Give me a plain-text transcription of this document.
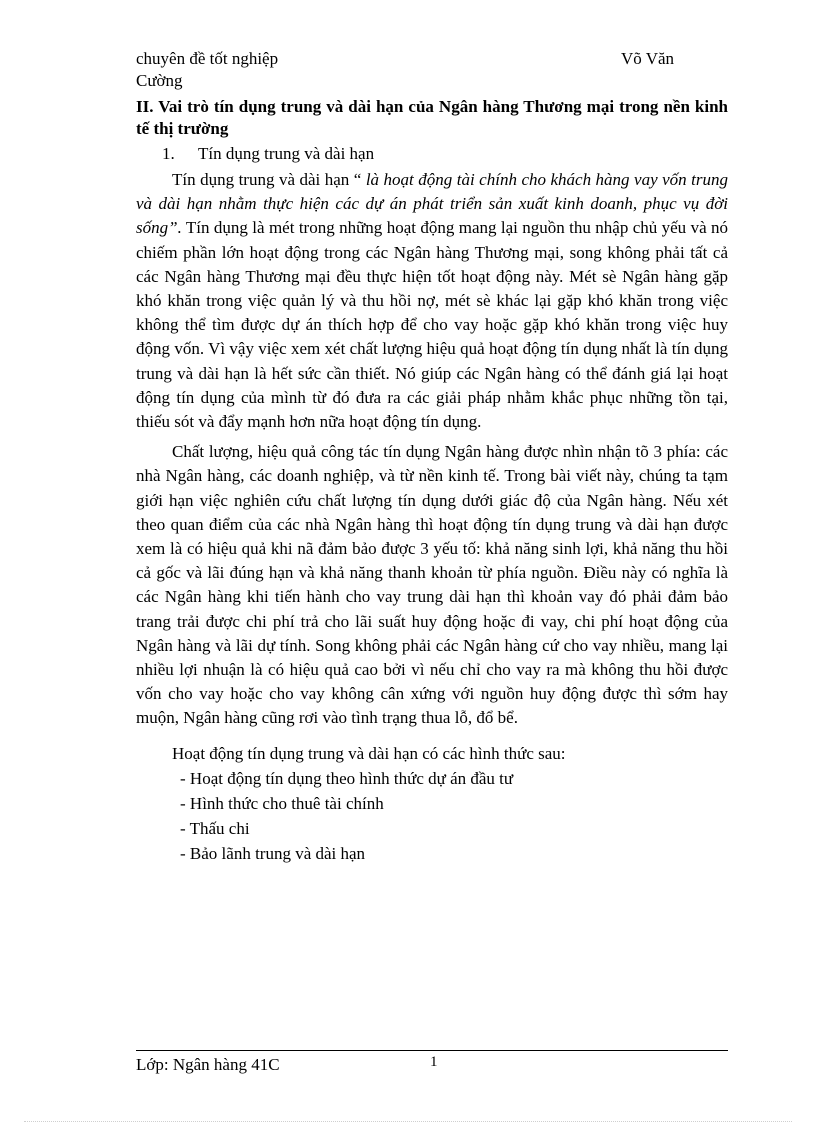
chuyên đề tốt nghiệp	Võ Văn
Cường

II. Vai trò tín dụng trung và dài hạn của Ngân hàng Thương mại trong nền kinh tế thị trường

1. Tín dụng trung và dài hạn

Tín dụng trung và dài hạn “ là hoạt động tài chính cho khách hàng vay vốn trung và dài hạn nhằm thực hiện các dự án phát triển sản xuất kinh doanh, phục vụ đời sống”. Tín dụng là mét trong những hoạt động mang lại nguồn thu nhập chủ yếu và nó chiếm phần lớn hoạt động trong các Ngân hàng Thương mại, song không phải tất cả các Ngân hàng Thương mại đều thực hiện tốt hoạt động này. Mét sè Ngân hàng gặp khó khăn trong việc quản lý và thu hồi nợ, mét sè khác lại gặp khó khăn trong việc không thể tìm được dự án thích hợp để cho vay hoặc gặp khó khăn trong việc huy động vốn. Vì vậy việc xem xét chất lượng hiệu quả hoạt động tín dụng nhất là tín dụng trung và dài hạn là hết sức cần thiết. Nó giúp các Ngân hàng có thể đánh giá lại hoạt động tín dụng của mình từ đó đưa ra các giải pháp nhằm khắc phục những tồn tại, thiếu sót và đẩy mạnh hơn nữa hoạt động tín dụng.

Chất lượng, hiệu quả công tác tín dụng Ngân hàng được nhìn nhận tõ 3 phía: các nhà Ngân hàng, các doanh nghiệp, và từ nền kinh tế. Trong bài viết này, chúng ta tạm giới hạn việc nghiên cứu chất lượng tín dụng dưới giác độ của Ngân hàng. Nếu xét theo quan điểm của các nhà Ngân hàng thì hoạt động tín dụng trung và dài hạn được xem là có hiệu quả khi nã đảm bảo được 3 yếu tố: khả năng sinh lợi, khả năng thu hồi cả gốc và lãi đúng hạn và khả năng thanh khoản từ phía nguồn. Điều này có nghĩa là các Ngân hàng khi tiến hành cho vay trung dài hạn thì khoản vay đó phải đảm bảo trang trải được chi phí trả cho lãi suất huy động hoặc đi vay, chi phí hoạt động của Ngân hàng và lãi dự tính. Song không phải các Ngân hàng cứ cho vay nhiều, mang lại nhiều lợi nhuận là có hiệu quả cao bởi vì nếu chỉ cho vay ra mà không thu hồi được vốn cho vay hoặc cho vay không cân xứng với nguồn huy động được thì sớm hay muộn, Ngân hàng cũng rơi vào tình trạng thua lỗ, đổ bể.

Hoạt động tín dụng trung và dài hạn có các hình thức sau:

- Hoạt động tín dụng theo hình thức dự án đầu tư
- Hình thức cho thuê tài chính
- Thấu chi
- Bảo lãnh trung và dài hạn
Lớp: Ngân hàng 41C	1
